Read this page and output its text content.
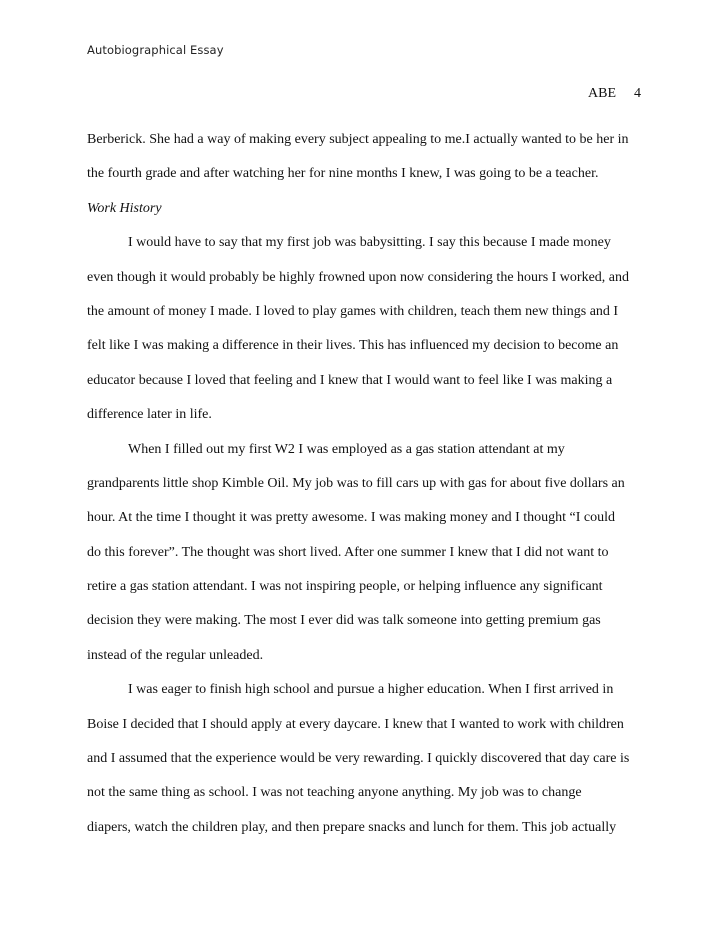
Autobiographical Essay
ABE 4
Berberick. She had a way of making every subject appealing to me.I actually wanted to be her in
the fourth grade and after watching her for nine months I knew, I was going to be a teacher.
Work History
I would have to say that my first job was babysitting. I say this because I made money
even though it would probably be highly frowned upon now considering the hours I worked, and
the amount of money I made. I loved to play games with children, teach them new things and I
felt like I was making a difference in their lives. This has influenced my decision to become an
educator because I loved that feeling and I knew that I would want to feel like I was making a
difference later in life.
When I filled out my first W2 I was employed as a gas station attendant at my
grandparents little shop Kimble Oil. My job was to fill cars up with gas for about five dollars an
hour. At the time I thought it was pretty awesome. I was making money and I thought “I could
do this forever”. The thought was short lived. After one summer I knew that I did not want to
retire a gas station attendant. I was not inspiring people, or helping influence any significant
decision they were making. The most I ever did was talk someone into getting premium gas
instead of the regular unleaded.
I was eager to finish high school and pursue a higher education. When I first arrived in
Boise I decided that I should apply at every daycare. I knew that I wanted to work with children
and I assumed that the experience would be very rewarding. I quickly discovered that day care is
not the same thing as school. I was not teaching anyone anything. My job was to change
diapers, watch the children play, and then prepare snacks and lunch for them. This job actually
